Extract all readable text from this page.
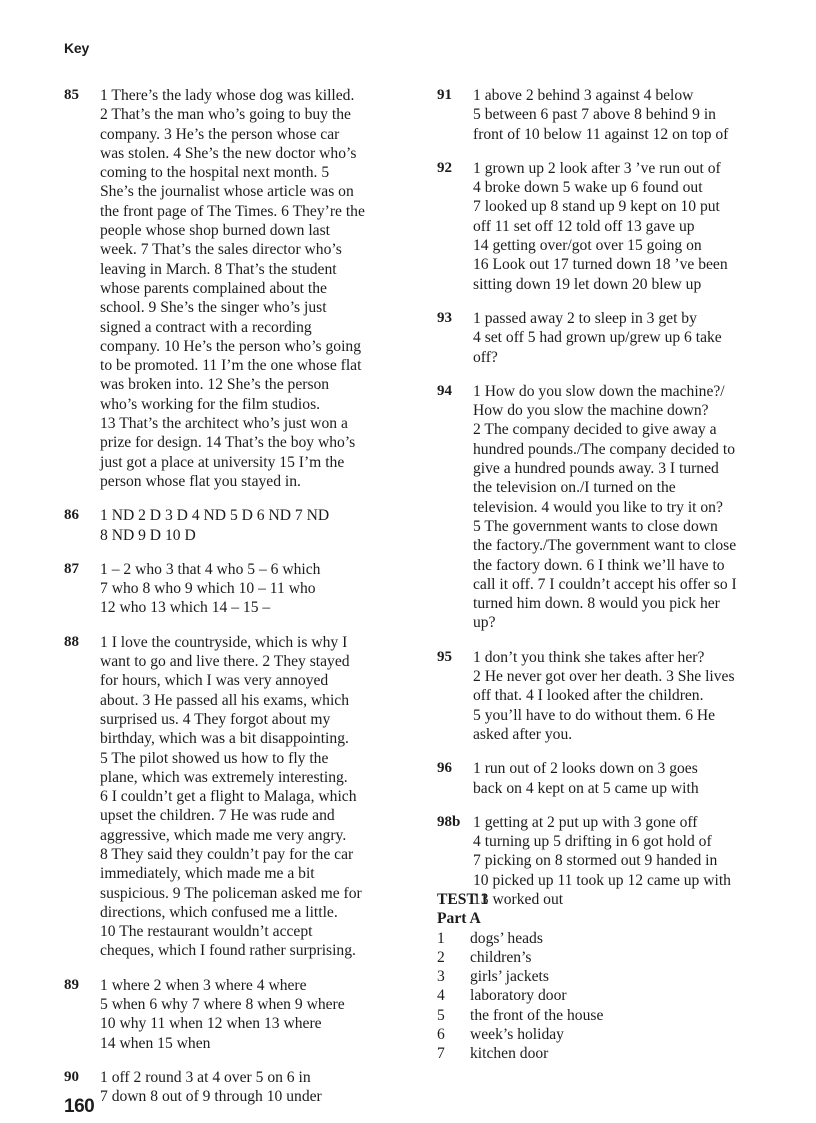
Key
85	1 There’s the lady whose dog was killed.
2 That’s the man who’s going to buy the
company. 3 He’s the person whose car
was stolen. 4 She’s the new doctor who’s
coming to the hospital next month. 5
She’s the journalist whose article was on
the front page of The Times. 6 They’re the
people whose shop burned down last
week. 7 That’s the sales director who’s
leaving in March. 8 That’s the student
whose parents complained about the
school. 9 She’s the singer who’s just
signed a contract with a recording
company. 10 He’s the person who’s going
to be promoted. 11 I’m the one whose flat
was broken into. 12 She’s the person
who’s working for the film studios.
13 That’s the architect who’s just won a
prize for design. 14 That’s the boy who’s
just got a place at university 15 I’m the
person whose flat you stayed in.
86	1 ND 2 D 3 D 4 ND 5 D 6 ND 7 ND
8 ND 9 D 10 D
87	1 – 2 who 3 that 4 who 5 – 6 which
7 who 8 who 9 which 10 – 11 who
12 who 13 which 14 – 15 –
88	1 I love the countryside, which is why I
want to go and live there. 2 They stayed
for hours, which I was very annoyed
about. 3 He passed all his exams, which
surprised us. 4 They forgot about my
birthday, which was a bit disappointing.
5 The pilot showed us how to fly the
plane, which was extremely interesting.
6 I couldn’t get a flight to Malaga, which
upset the children. 7 He was rude and
aggressive, which made me very angry.
8 They said they couldn’t pay for the car
immediately, which made me a bit
suspicious. 9 The policeman asked me for
directions, which confused me a little.
10 The restaurant wouldn’t accept
cheques, which I found rather surprising.
89	1 where 2 when 3 where 4 where
5 when 6 why 7 where 8 when 9 where
10 why 11 when 12 when 13 where
14 when 15 when
90	1 off 2 round 3 at 4 over 5 on 6 in
7 down 8 out of 9 through 10 under
91	1 above 2 behind 3 against 4 below
5 between 6 past 7 above 8 behind 9 in
front of 10 below 11 against 12 on top of
92	1 grown up 2 look after 3 ’ve run out of
4 broke down 5 wake up 6 found out
7 looked up 8 stand up 9 kept on 10 put
off 11 set off 12 told off 13 gave up
14 getting over/got over 15 going on
16 Look out 17 turned down 18 ’ve been
sitting down 19 let down 20 blew up
93	1 passed away 2 to sleep in 3 get by
4 set off 5 had grown up/grew up 6 take
off?
94	1 How do you slow down the machine?/
How do you slow the machine down?
2 The company decided to give away a
hundred pounds./The company decided to
give a hundred pounds away. 3 I turned
the television on./I turned on the
television. 4 would you like to try it on?
5 The government wants to close down
the factory./The government want to close
the factory down. 6 I think we’ll have to
call it off. 7 I couldn’t accept his offer so I
turned him down. 8 would you pick her
up?
95	1 don’t you think she takes after her?
2 He never got over her death. 3 She lives
off that. 4 I looked after the children.
5 you’ll have to do without them. 6 He
asked after you.
96	1 run out of 2 looks down on 3 goes
back on 4 kept on at 5 came up with
98b 1 getting at 2 put up with 3 gone off
4 turning up 5 drifting in 6 got hold of
7 picking on 8 stormed out 9 handed in
10 picked up 11 took up 12 came up with
13 worked out
TEST 1
Part A
1	dogs’ heads
2	children’s
3	girls’ jackets
4	laboratory door
5	the front of the house
6	week’s holiday
7	kitchen door
160
